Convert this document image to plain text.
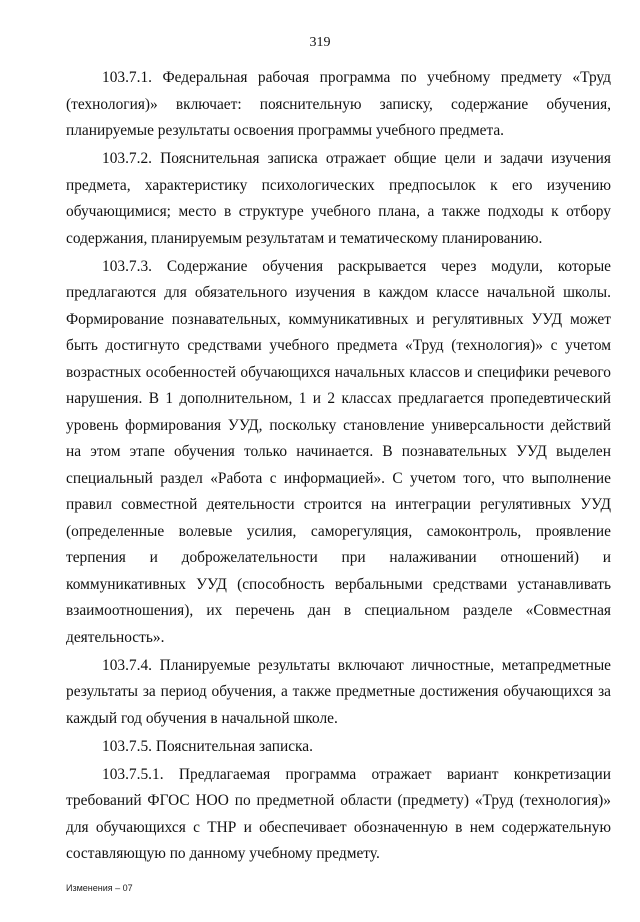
319

103.7.1. Федеральная рабочая программа по учебному предмету «Труд (технология)» включает: пояснительную записку, содержание обучения, планируемые результаты освоения программы учебного предмета.

103.7.2. Пояснительная записка отражает общие цели и задачи изучения предмета, характеристику психологических предпосылок к его изучению обучающимися; место в структуре учебного плана, а также подходы к отбору содержания, планируемым результатам и тематическому планированию.

103.7.3. Содержание обучения раскрывается через модули, которые предлагаются для обязательного изучения в каждом классе начальной школы. Формирование познавательных, коммуникативных и регулятивных УУД может быть достигнуто средствами учебного предмета «Труд (технология)» с учетом возрастных особенностей обучающихся начальных классов и специфики речевого нарушения. В 1 дополнительном, 1 и 2 классах предлагается пропедевтический уровень формирования УУД, поскольку становление универсальности действий на этом этапе обучения только начинается. В познавательных УУД выделен специальный раздел «Работа с информацией». С учетом того, что выполнение правил совместной деятельности строится на интеграции регулятивных УУД (определенные волевые усилия, саморегуляция, самоконтроль, проявление терпения и доброжелательности при налаживании отношений) и коммуникативных УУД (способность вербальными средствами устанавливать взаимоотношения), их перечень дан в специальном разделе «Совместная деятельность».

103.7.4. Планируемые результаты включают личностные, метапредметные результаты за период обучения, а также предметные достижения обучающихся за каждый год обучения в начальной школе.

103.7.5. Пояснительная записка.

103.7.5.1. Предлагаемая программа отражает вариант конкретизации требований ФГОС НОО по предметной области (предмету) «Труд (технология)» для обучающихся с ТНР и обеспечивает обозначенную в нем содержательную составляющую по данному учебному предмету.

Изменения – 07
